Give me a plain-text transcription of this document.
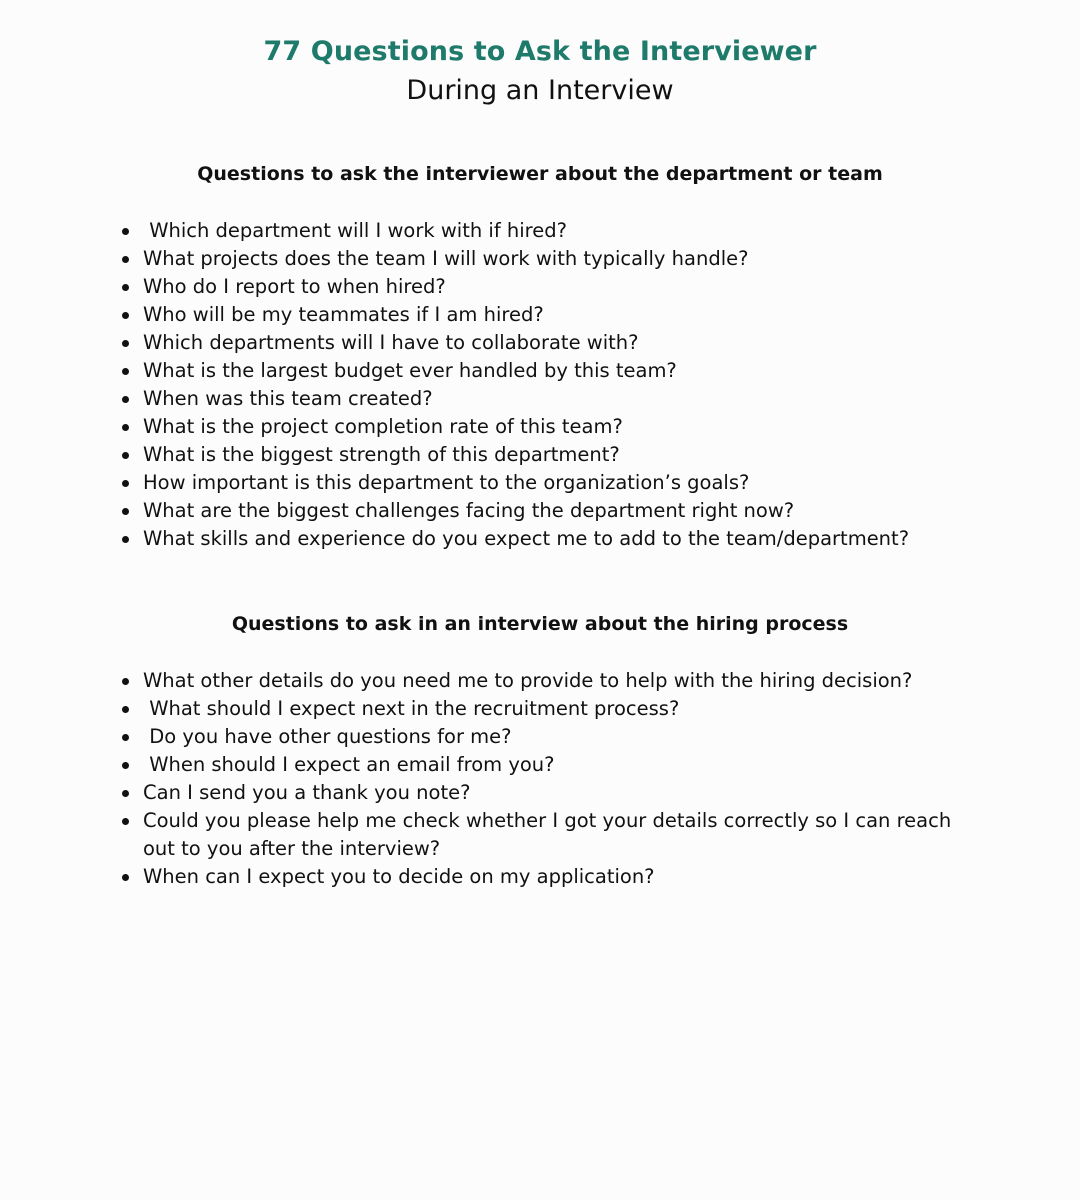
77 Questions to Ask the Interviewer
During an Interview
Questions to ask the interviewer about the department or team
Which department will I work with if hired?
What projects does the team I will work with typically handle?
Who do I report to when hired?
Who will be my teammates if I am hired?
Which departments will I have to collaborate with?
What is the largest budget ever handled by this team?
When was this team created?
What is the project completion rate of this team?
What is the biggest strength of this department?
How important is this department to the organization’s goals?
What are the biggest challenges facing the department right now?
What skills and experience do you expect me to add to the team/department?
Questions to ask in an interview about the hiring process
What other details do you need me to provide to help with the hiring decision?
What should I expect next in the recruitment process?
Do you have other questions for me?
When should I expect an email from you?
Can I send you a thank you note?
Could you please help me check whether I got your details correctly so I can reach out to you after the interview?
When can I expect you to decide on my application?
